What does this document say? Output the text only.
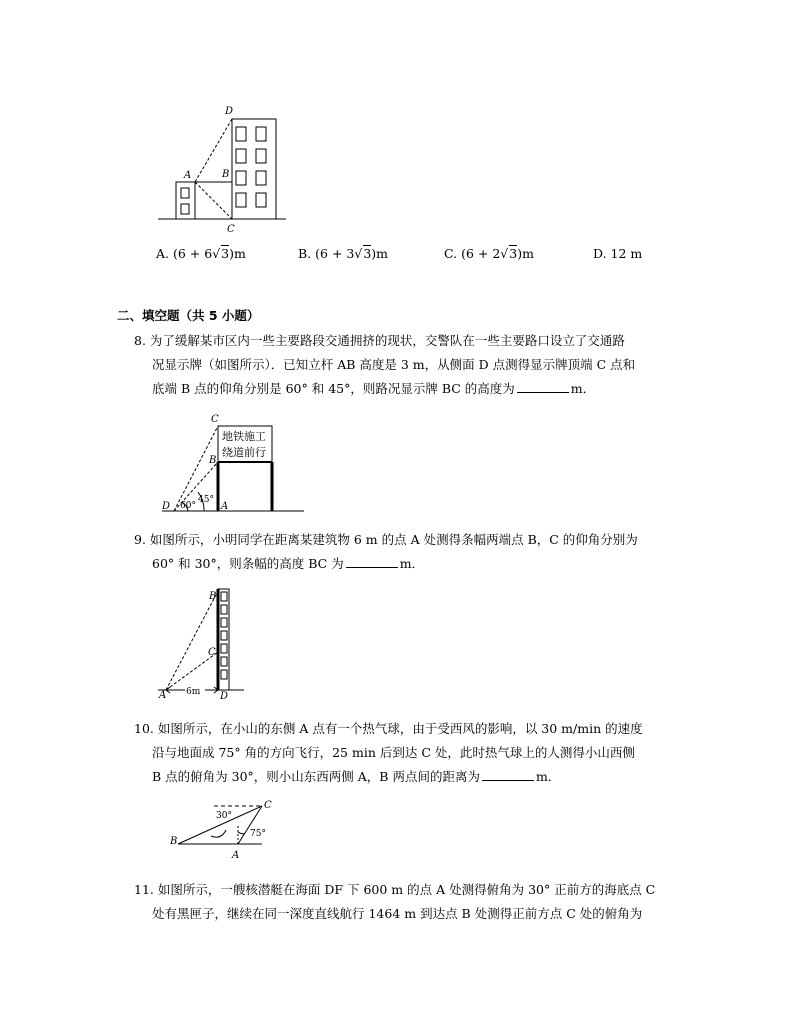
D
A	B
C
A. (6 + 6√3)m	B. (6 + 3√3)m	C. (6 + 2√3)m	D. 12 m
二、填空题（共 5 小题）
8. 为了缓解某市区内一些主要路段交通拥挤的现状，交警队在一些主要路口设立了交通路
况显示牌（如图所示）．已知立杆 AB 高度是 3 m，从侧面 D 点测得显示牌顶端 C 点和
底端 B 点的仰角分别是 60° 和 45°，则路况显示牌 BC 的高度为	m．
地铁施工
绕道前行
C
B
D	A
60°
45°
9. 如图所示，小明同学在距离某建筑物 6 m 的点 A 处测得条幅两端点 B，C 的仰角分别为
60° 和 30°，则条幅的高度 BC 为	m．
6m
B
C
A	D
10. 如图所示，在小山的东侧 A 点有一个热气球，由于受西风的影响，以 30 m/min 的速度
沿与地面成 75° 角的方向飞行，25 min 后到达 C 处，此时热气球上的人测得小山西侧
B 点的俯角为 30°，则小山东西两侧 A，B 两点间的距离为	m．
30°
75°
C
B
A
11. 如图所示，一艘核潜艇在海面 DF 下 600 m 的点 A 处测得俯角为 30° 正前方的海底点 C
处有黑匣子，继续在同一深度直线航行 1464 m 到达点 B 处测得正前方点 C 处的俯角为
